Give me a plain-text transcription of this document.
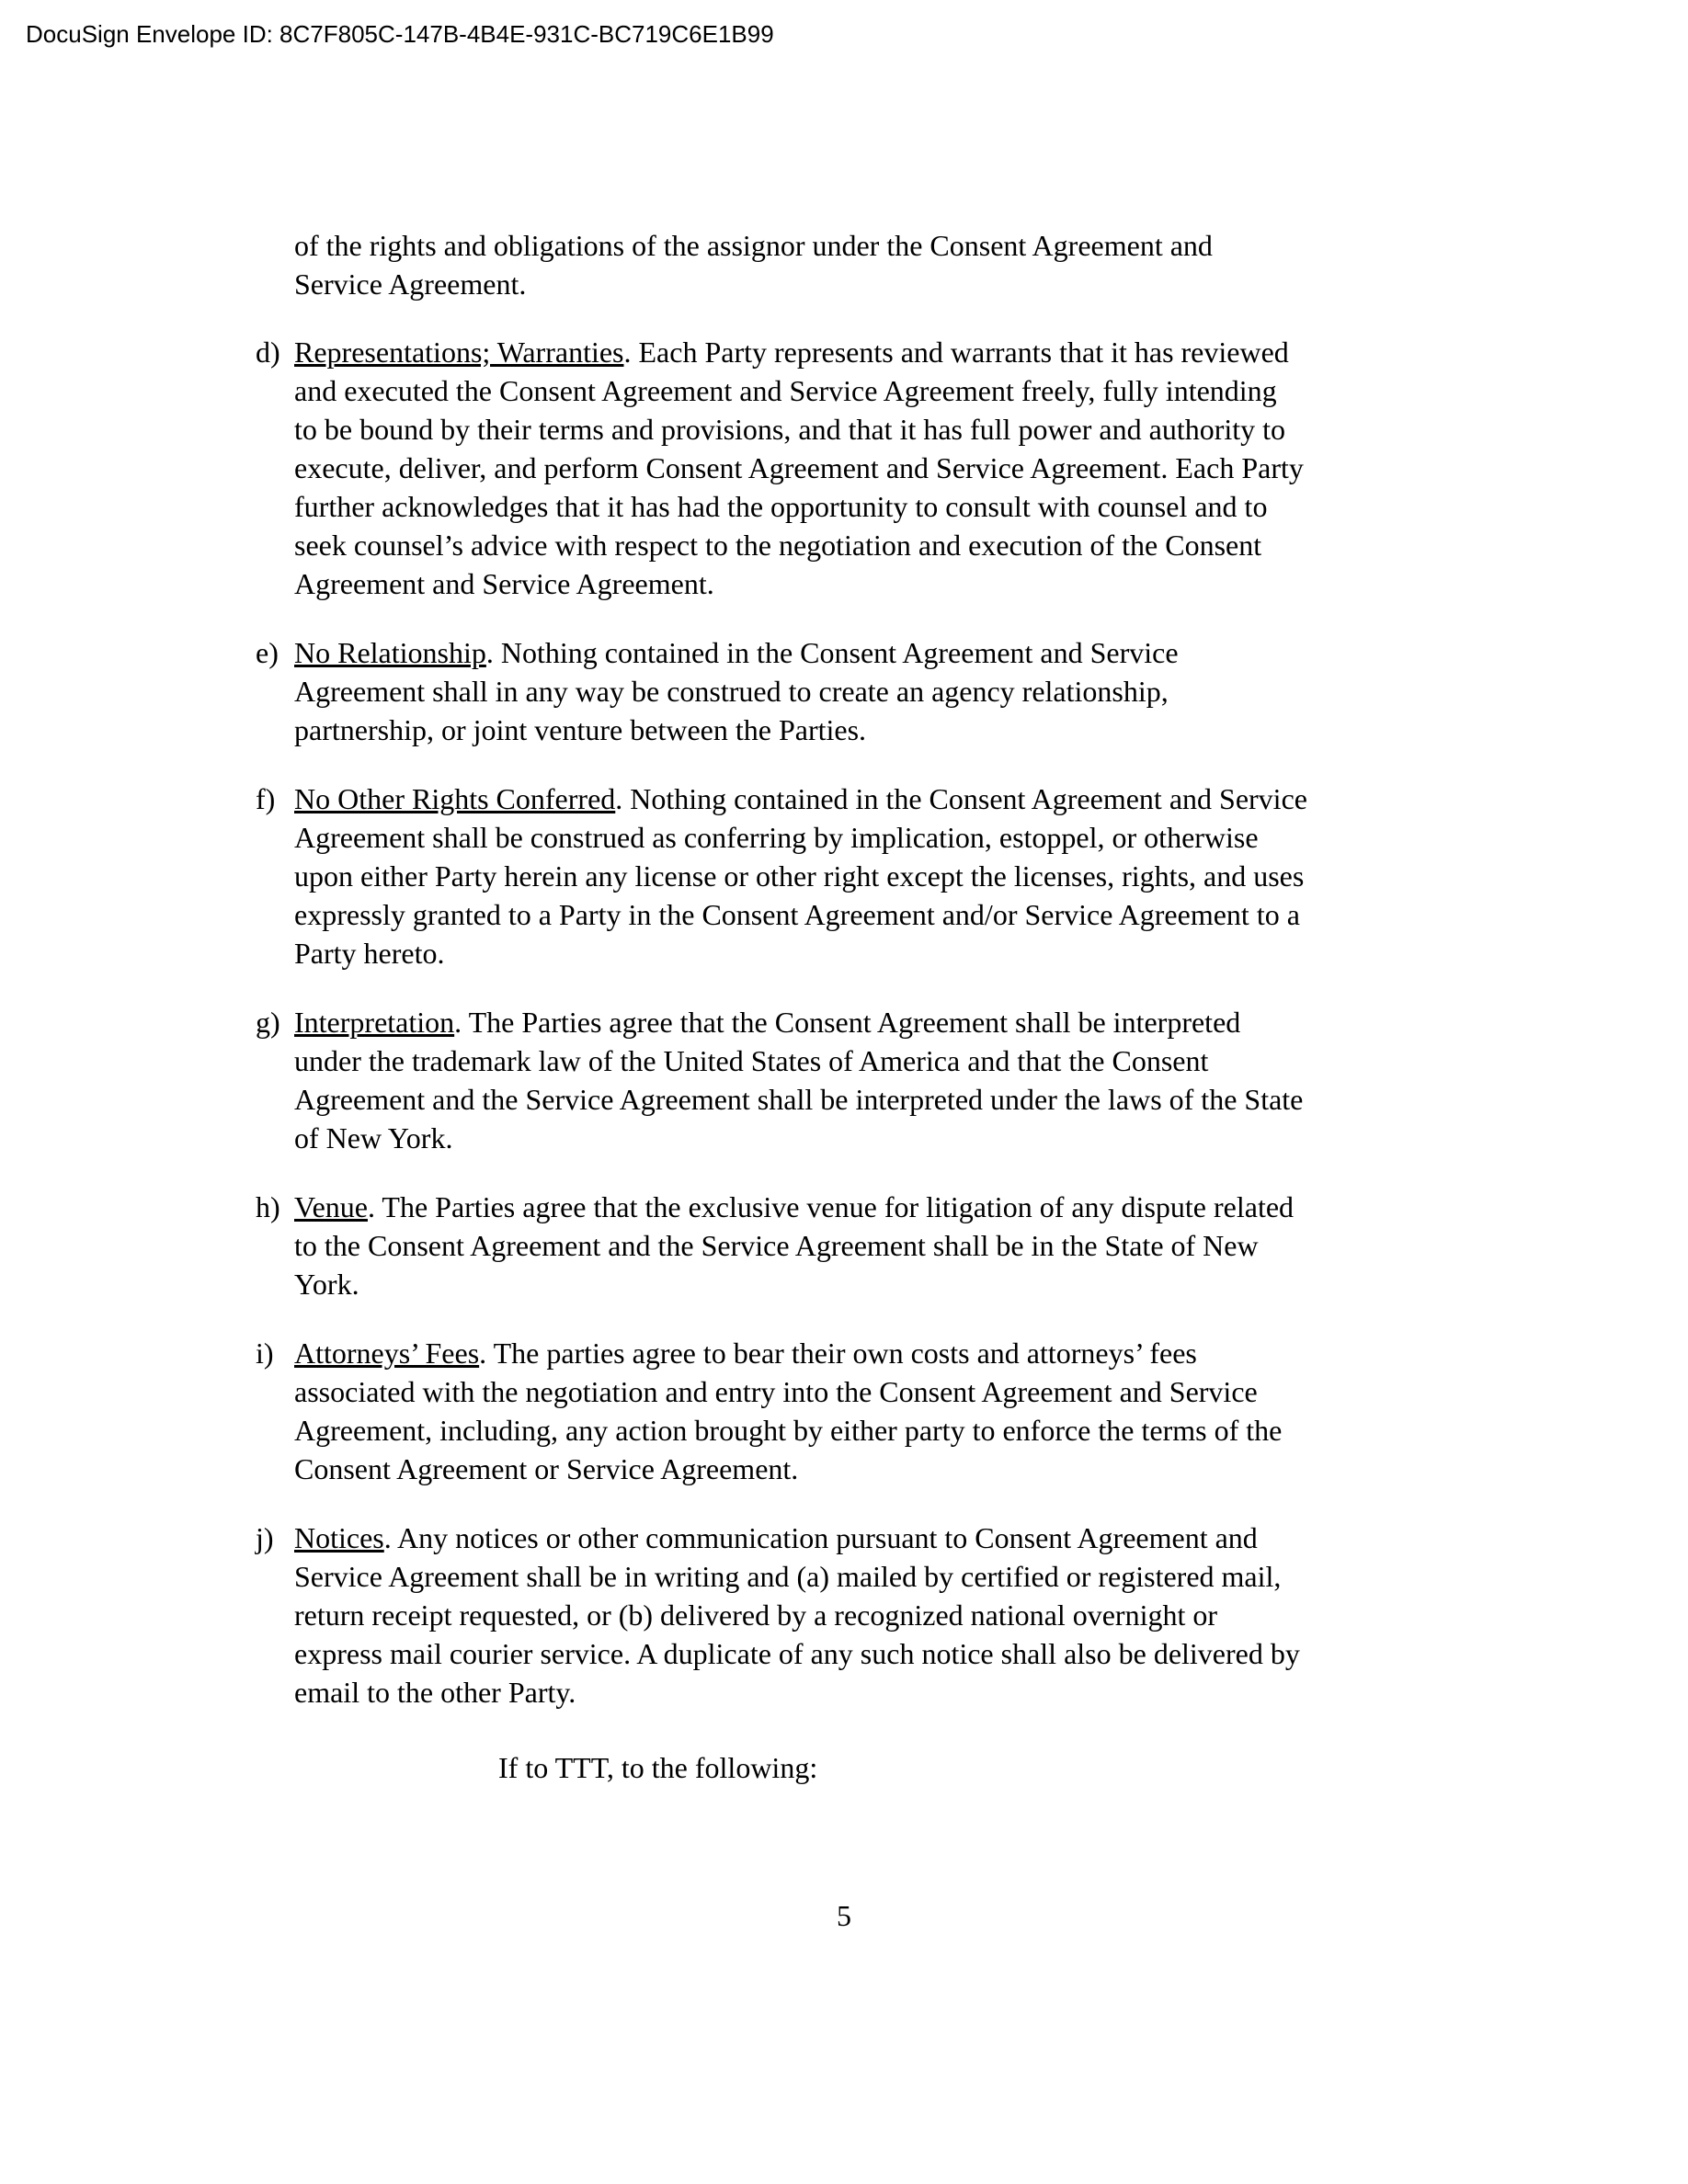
DocuSign Envelope ID: 8C7F805C-147B-4B4E-931C-BC719C6E1B99

of the rights and obligations of the assignor under the Consent Agreement and
Service Agreement.

d) Representations; Warranties. Each Party represents and warrants that it has reviewed
and executed the Consent Agreement and Service Agreement freely, fully intending
to be bound by their terms and provisions, and that it has full power and authority to
execute, deliver, and perform Consent Agreement and Service Agreement. Each Party
further acknowledges that it has had the opportunity to consult with counsel and to
seek counsel’s advice with respect to the negotiation and execution of the Consent
Agreement and Service Agreement.
e) No Relationship. Nothing contained in the Consent Agreement and Service
Agreement shall in any way be construed to create an agency relationship,
partnership, or joint venture between the Parties.
f) No Other Rights Conferred. Nothing contained in the Consent Agreement and Service
Agreement shall be construed as conferring by implication, estoppel, or otherwise
upon either Party herein any license or other right except the licenses, rights, and uses
expressly granted to a Party in the Consent Agreement and/or Service Agreement to a
Party hereto.
g) Interpretation. The Parties agree that the Consent Agreement shall be interpreted
under the trademark law of the United States of America and that the Consent
Agreement and the Service Agreement shall be interpreted under the laws of the State
of New York.
h) Venue. The Parties agree that the exclusive venue for litigation of any dispute related
to the Consent Agreement and the Service Agreement shall be in the State of New
York.
i) Attorneys’ Fees. The parties agree to bear their own costs and attorneys’ fees
associated with the negotiation and entry into the Consent Agreement and Service
Agreement, including, any action brought by either party to enforce the terms of the
Consent Agreement or Service Agreement.
j) Notices. Any notices or other communication pursuant to Consent Agreement and
Service Agreement shall be in writing and (a) mailed by certified or registered mail,
return receipt requested, or (b) delivered by a recognized national overnight or
express mail courier service. A duplicate of any such notice shall also be delivered by
email to the other Party.

If to TTT, to the following:

5
